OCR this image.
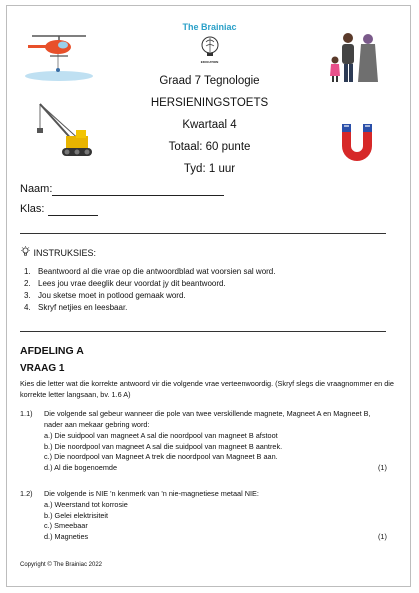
The Brainiac
EDUCATION
Graad 7 Tegnologie
HERSIENINGSTOETS
Kwartaal 4
Totaal: 60 punte
Tyd: 1 uur
Naam:
Klas:
INSTRUKSIES:
1. Beantwoord al die vrae op die antwoordblad wat voorsien sal word.
2. Lees jou vrae deeglik deur voordat jy dit beantwoord.
3. Jou sketse moet in potlood gemaak word.
4. Skryf netjies en leesbaar.
AFDELING A
VRAAG 1
Kies die letter wat die korrekte antwoord vir die volgende vrae verteenwoordig. (Skryf slegs die vraagnommer en die korrekte letter langsaan, bv. 1.6 A)
1.1) Die volgende sal gebeur wanneer die pole van twee verskillende magnete, Magneet A en Magneet B, nader aan mekaar gebring word:
a.) Die suidpool van magneet A sal die noordpool van magneet B afstoot
b.) Die noordpool van magneet A sal die suidpool van magneet B aantrek.
c.) Die noordpool van Magneet A trek die noordpool van Magneet B aan.
d.) Al die bogenoemde	(1)
1.2) Die volgende is NIE 'n kenmerk van 'n nie-magnetiese metaal NIE:
a.) Weerstand tot korrosie
b.) Gelei elektrisiteit
c.) Smeebaar
d.) Magneties	(1)
Copyright © The Brainiac 2022
